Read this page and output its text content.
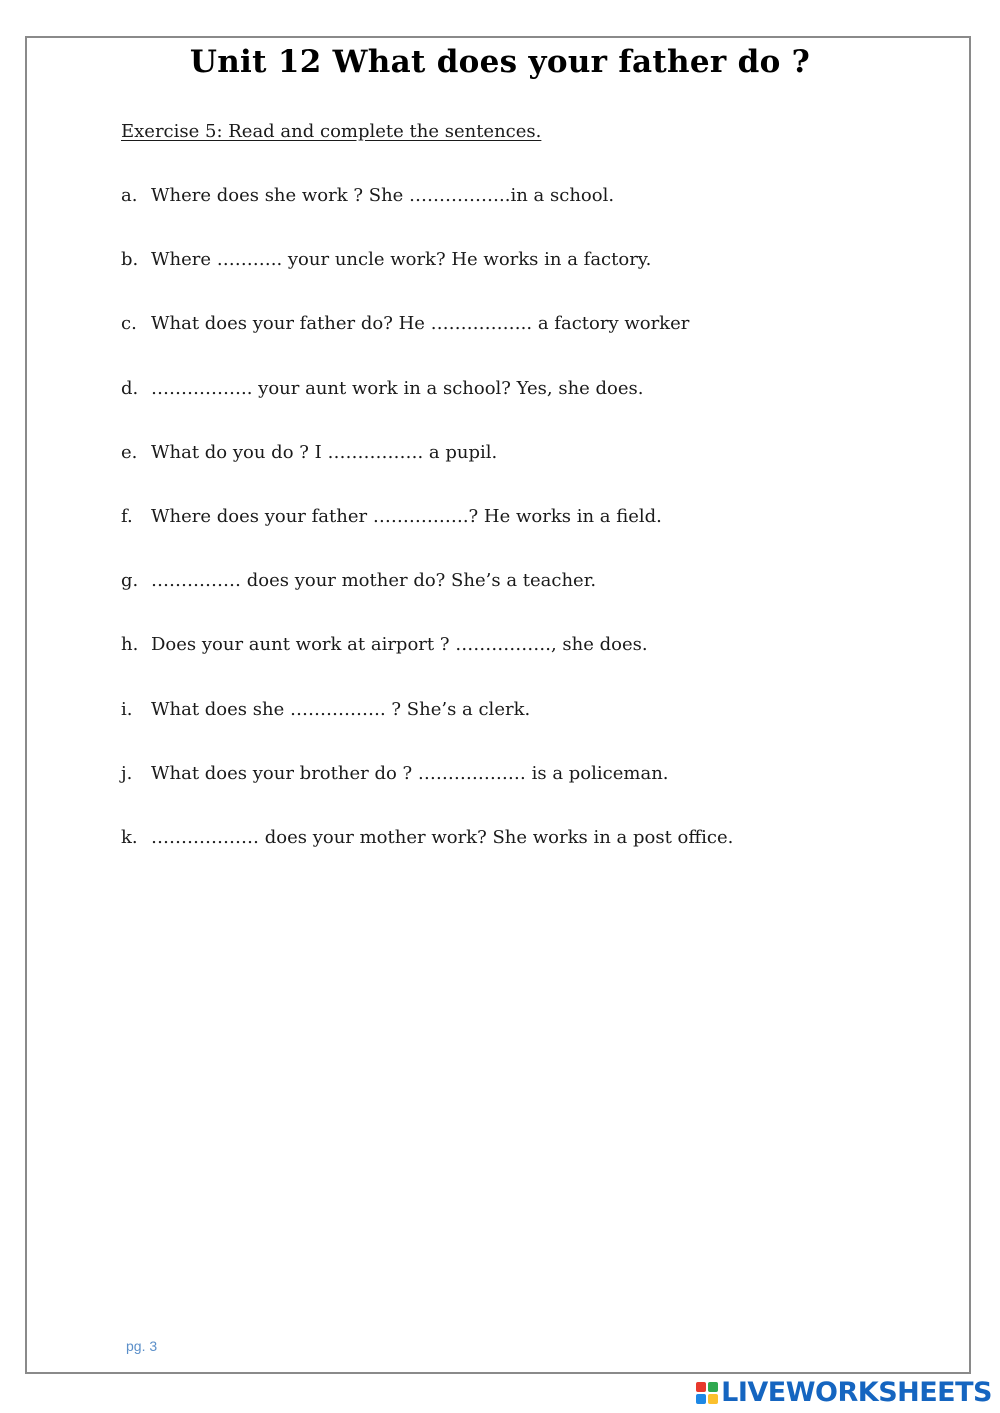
Unit 12 What does your father do ?

Exercise 5: Read and complete the sentences.

a. Where does she work ? She ……………..in a school.
b. Where ……….. your uncle work? He works in a factory.
c. What does your father do? He …………….. a factory worker
d. …………….. your aunt work in a school? Yes, she does.
e. What do you do ? I ……………. a pupil.
f.	Where does your father …………….? He works in a field.
g. …………… does your mother do? She’s a teacher.
h. Does your aunt work at airport ? ……………., she does.
i.	What does she ……………. ? She’s a clerk.
j.	What does your brother do ? ……………… is a policeman.
k. ……………… does your mother work? She works in a post office.
pg. 3
LIVEWORKSHEETS
